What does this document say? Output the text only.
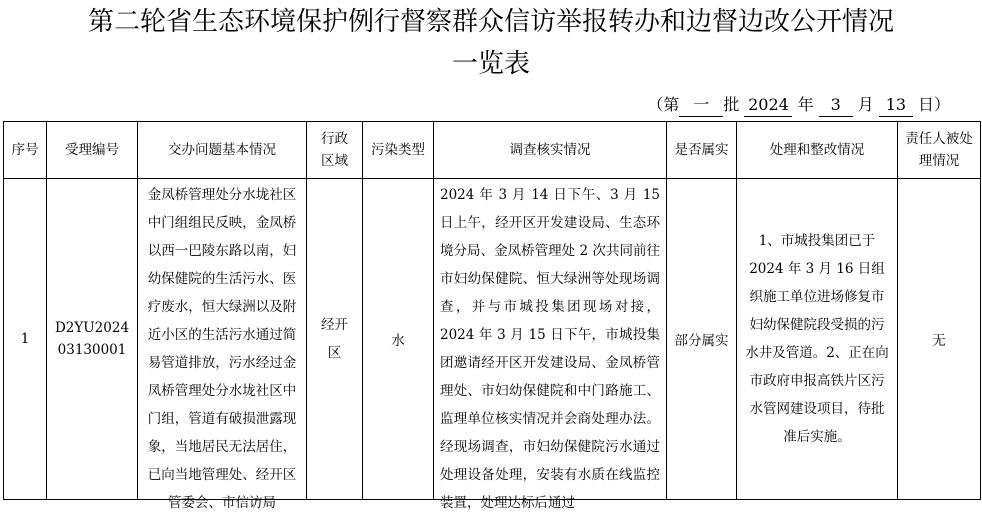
第二轮省生态环境保护例行督察群众信访举报转办和边督边改公开情况
一览表
（第 一 批 2024 年 3 月 13 日）
序号	受理编号	交办问题基本情况	行政区域	污染类型	调查核实情况	是否属实	处理和整改情况	责任人被处理情况
1	D2YU202403130001	金凤桥管理处分水垅社区中门组组民反映，金凤桥以西一巴陵东路以南，妇幼保健院的生活污水、医疗废水，恒大绿洲以及附近小区的生活污水通过简易管道排放，污水经过金凤桥管理处分水垅社区中门组，管道有破损泄露现象，当地居民无法居住，已向当地管理处、经开区管委会、市信访局	经开区	水	2024 年 3 月 14 日下午、3 月 15 日上午，经开区开发建设局、生态环境分局、金凤桥管理处 2 次共同前往市妇幼保健院、恒大绿洲等处现场调查，并与市城投集团现场对接，2024 年 3 月 15 日下午，市城投集团邀请经开区开发建设局、金凤桥管理处、市妇幼保健院和中门路施工、监理单位核实情况并会商处理办法。经现场调查，市妇幼保健院污水通过处理设备处理，安装有水质在线监控装置，处理达标后通过	部分属实	1、市城投集团已于 2024 年 3 月 16 日组织施工单位进场修复市妇幼保健院段受损的污水井及管道。2、正在向市政府申报高铁片区污水管网建设项目，待批准后实施。	无
